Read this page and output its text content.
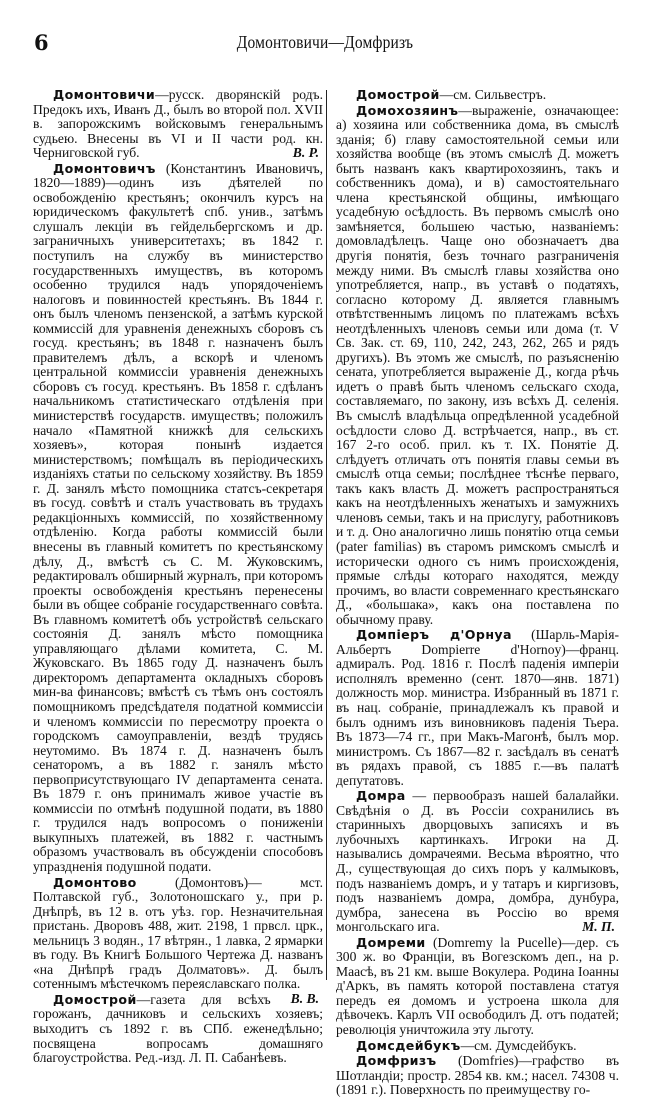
6	Домонтовичи—Домфризъ

Домонтовичи—русск. дворянскій родъ. Предокъ ихъ, Иванъ Д., былъ во второй пол. XVII в. запорожскимъ войсковымъ генеральнымъ судьею. Внесены въ VI и II части род. кн. Черниговской губ.	В. Р.

Домонтовичъ (Константинъ Ивановичъ, 1820—1889)—одинъ изъ дѣятелей по освобожденію крестьянъ; окончилъ курсъ на юридическомъ факультетѣ спб. унив., затѣмъ слушалъ лекціи въ гейдельбергскомъ и др. заграничныхъ университетахъ; въ 1842 г. поступилъ на службу въ министерство государственныхъ имуществъ, въ которомъ особенно трудился надъ упорядоченіемъ налоговъ и повинностей крестьянъ. Въ 1844 г. онъ былъ членомъ пензенской, а затѣмъ курской коммиссій для уравненія денежныхъ сборовъ съ госуд. крестьянъ; въ 1848 г. назначенъ былъ правителемъ дѣлъ, а вскорѣ и членомъ центральной коммиссіи уравненія денежныхъ сборовъ съ госуд. крестьянъ. Въ 1858 г. сдѣланъ начальникомъ статистическаго отдѣленія при министерствѣ государств. имуществъ; положилъ начало «Памятной книжкѣ для сельскихъ хозяевъ», которая понынѣ издается министерствомъ; помѣщалъ въ періодическихъ изданіяхъ статьи по сельскому хозяйству. Въ 1859 г. Д. занялъ мѣсто помощника статсъ-секретаря въ госуд. совѣтѣ и сталъ участвовать въ трудахъ редакціонныхъ коммиссій, по хозяйственному отдѣленію. Когда работы коммиссій были внесены въ главный комитетъ по крестьянскому дѣлу, Д., вмѣстѣ съ С. М. Жуковскимъ, редактировалъ обширный журналъ, при которомъ проекты освобожденія крестьянъ перенесены были въ общее собраніе государственнаго совѣта. Въ главномъ комитетѣ объ устройствѣ сельскаго состоянія Д. занялъ мѣсто помощника управляющаго дѣлами комитета, С. М. Жуковскаго. Въ 1865 году Д. назначенъ былъ директоромъ департамента окладныхъ сборовъ мин-ва финансовъ; вмѣстѣ съ тѣмъ онъ состоялъ помощникомъ предсѣдателя податной коммиссіи и членомъ коммиссіи по пересмотру проекта о городскомъ самоуправленіи, вездѣ трудясь неутомимо. Въ 1874 г. Д. назначенъ былъ сенаторомъ, а въ 1882 г. занялъ мѣсто первоприсутствующаго IV департамента сената. Въ 1879 г. онъ принималъ живое участіе въ коммиссіи по отмѣнѣ подушной подати, въ 1880 г. трудился надъ вопросомъ о пониженіи выкупныхъ платежей, въ 1882 г. частнымъ образомъ участвовалъ въ обсужденіи способовъ упраздненія подушной подати.

Домонтово (Домонтовъ)— мст. Полтавской губ., Золотоношскаго у., при р. Днѣпрѣ, въ 12 в. отъ уѣз. гор. Незначительная пристань. Дворовъ 488, жит. 2198, 1 првсл. црк., мельницъ 3 водян., 17 вѣтрян., 1 лавка, 2 ярмарки въ году. Въ Книгѣ Большого Чертежа Д. названъ «на Днѣпрѣ градъ Долматовъ». Д. былъ сотеннымъ мѣстечкомъ переяславскаго полка.
В. В.

Домострой—газета для всѣхъ горожанъ, дачниковъ и сельскихъ хозяевъ; выходитъ съ 1892 г. въ СПб. еженедѣльно; посвящена вопросамъ домашняго благоустройства. Ред.-изд. Л. П. Сабанѣевъ.

Домострой—см. Сильвестръ.

Домохозяинъ—выраженіе, означающее: а) хозяина или собственника дома, въ смыслѣ зданія; б) главу самостоятельной семьи или хозяйства вообще (въ этомъ смыслѣ Д. можетъ быть названъ какъ квартирохозяинъ, такъ и собственникъ дома), и в) самостоятельнаго члена крестьянской общины, имѣющаго усадебную осѣдлость. Въ первомъ смыслѣ оно замѣняется, большею частью, названіемъ: домовладѣлецъ. Чаще оно обозначаетъ два другія понятія, безъ точнаго разграниченія между ними. Въ смыслѣ главы хозяйства оно употребляется, напр., въ уставѣ о податяхъ, согласно которому Д. является главнымъ отвѣтственнымъ лицомъ по платежамъ всѣхъ неотдѣленныхъ членовъ семьи или дома (т. V Св. Зак. ст. 69, 110, 242, 243, 262, 265 и рядъ другихъ). Въ этомъ же смыслѣ, по разъясненію сената, употребляется выраженіе Д., когда рѣчь идетъ о правѣ быть членомъ сельскаго схода, составляемаго, по закону, изъ всѣхъ Д. селенія. Въ смыслѣ владѣльца опредѣленной усадебной осѣдлости слово Д. встрѣчается, напр., въ ст. 167 2-го особ. прил. къ т. IX. Понятіе Д. слѣдуетъ отличать отъ понятія главы семьи въ смыслѣ отца семьи; послѣднее тѣснѣе перваго, такъ какъ власть Д. можетъ распространяться какъ на неотдѣленныхъ женатыхъ и замужнихъ членовъ семьи, такъ и на прислугу, работниковъ и т. д. Оно аналогично лишь понятію отца семьи (pater familias) въ старомъ римскомъ смыслѣ и исторически одного съ нимъ происхожденія, прямые слѣды котораго находятся, между прочимъ, во власти современнаго крестьянскаго Д., «большака», какъ она поставлена по обычному праву.

Домпіеръ д'Орнуа (Шарль-Марія-Альбертъ Dompierre d'Hornoy)—франц. адмиралъ. Род. 1816 г. Послѣ паденія имперіи исполнялъ временно (сент. 1870—янв. 1871) должность мор. министра. Избранный въ 1871 г. въ нац. собраніе, принадлежалъ къ правой и былъ однимъ изъ виновниковъ паденія Тьера. Въ 1873—74 гг., при Макъ-Магонѣ, былъ мор. министромъ. Съ 1867—82 г. засѣдалъ въ сенатѣ въ рядахъ правой, съ 1885 г.—въ палатѣ депутатовъ.

Домра — первообразъ нашей балалайки. Свѣдѣнія о Д. въ Россіи сохранились въ старинныхъ дворцовыхъ записяхъ и въ лубочныхъ картинкахъ. Игроки на Д. назывались домрачеями. Весьма вѣроятно, что Д., существующая до сихъ поръ у калмыковъ, подъ названіемъ домръ, и у татаръ и киргизовъ, подъ названіемъ домра, домбра, дунбура, думбра, занесена въ Россію во время монгольскаго ига.	М. П.

Домреми (Domremy la Pucelle)—дер. съ 300 ж. во Франціи, въ Вогезскомъ деп., на р. Маасѣ, въ 21 км. выше Вокулера. Родина Іоанны д'Аркъ, въ память которой поставлена статуя передъ ея домомъ и устроена школа для дѣвочекъ. Карлъ VII освободилъ Д. отъ податей; революція уничтожила эту льготу.

Домсдейбукъ—см. Думсдейбукъ.

Домфризъ (Domfries)—графство въ Шотландіи; простр. 2854 кв. км.; насел. 74308 ч. (1891 г.). Поверхность по преимуществу го-
